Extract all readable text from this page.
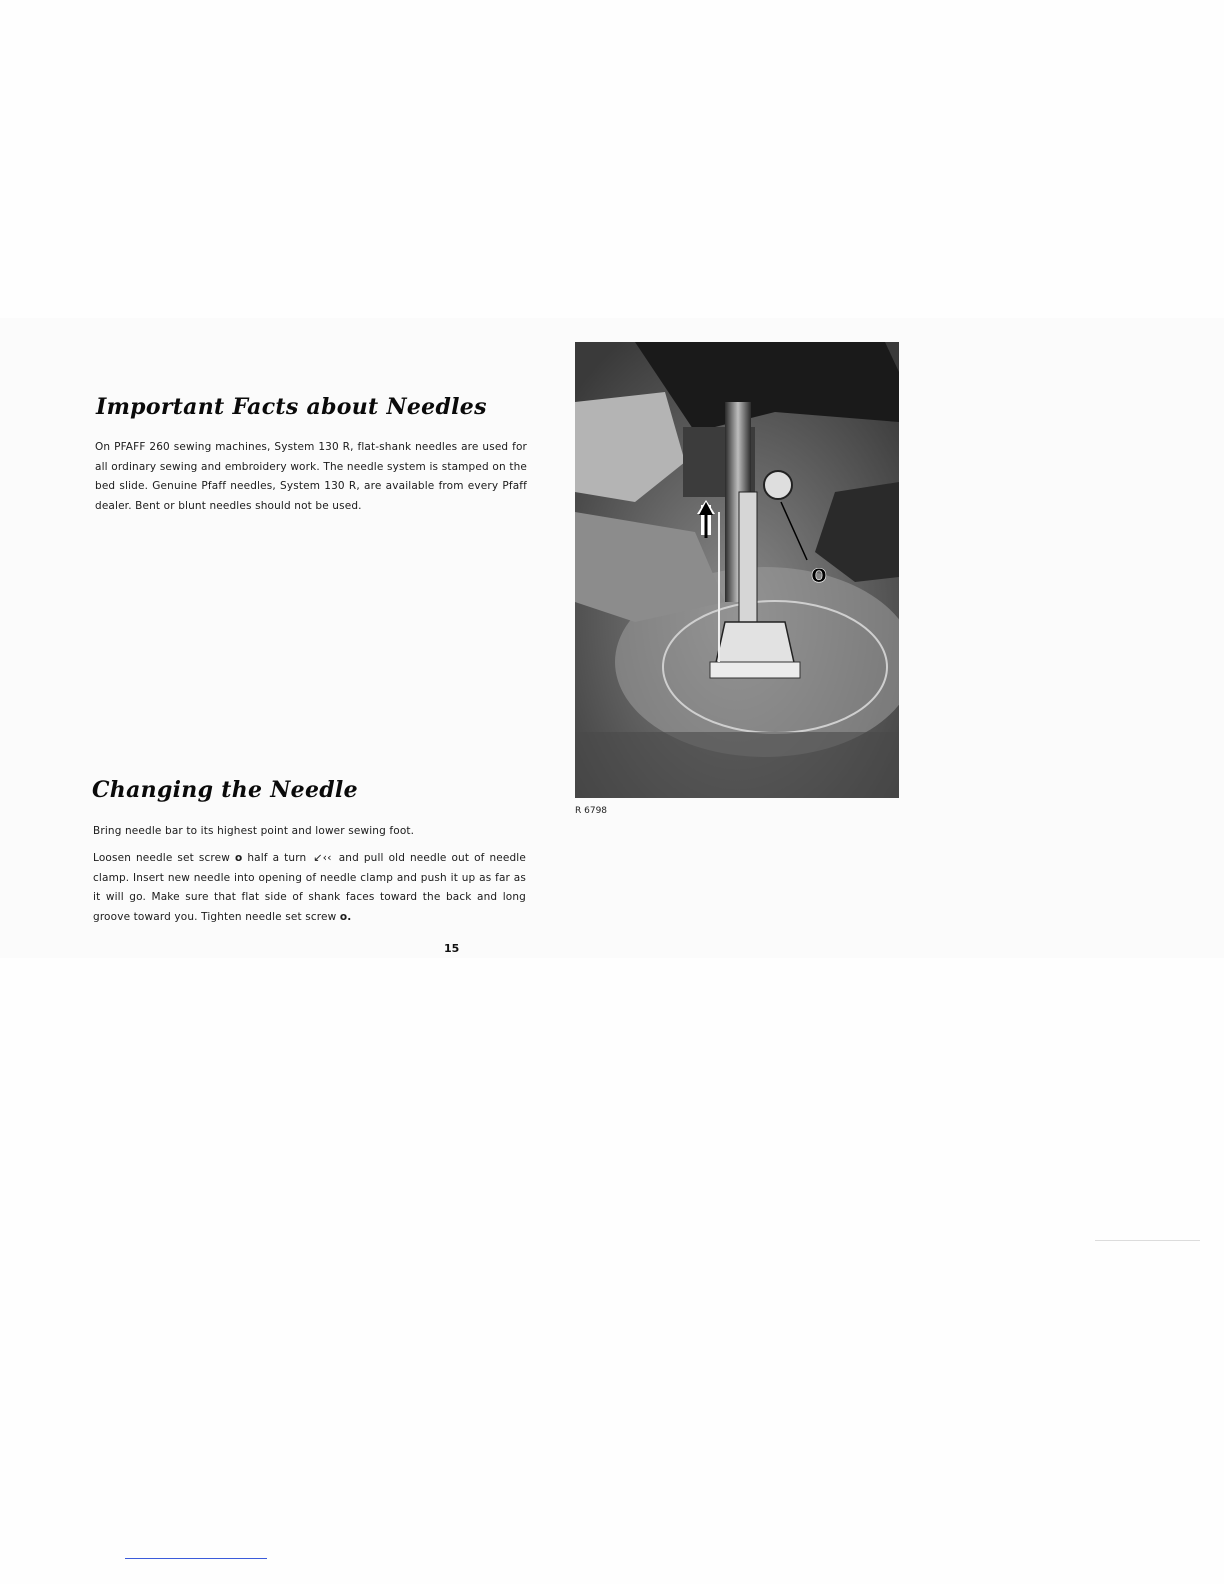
Important Facts about Needles

On PFAFF 260 sewing machines, System 130 R, flat-shank needles are used for all ordinary sewing and embroidery work. The needle system is stamped on the bed slide. Genuine Pfaff needles, System 130 R, are available from every Pfaff dealer. Bent or blunt needles should not be used.

Changing the Needle

Bring needle bar to its highest point and lower sewing foot.

Loosen needle set screw o half a turn ↙‹‹ and pull old needle out of needle clamp. Insert new needle into opening of needle clamp and push it up as far as it will go. Make sure that flat side of shank faces toward the back and long groove toward you. Tighten needle set screw o.

15
o
R 6798
